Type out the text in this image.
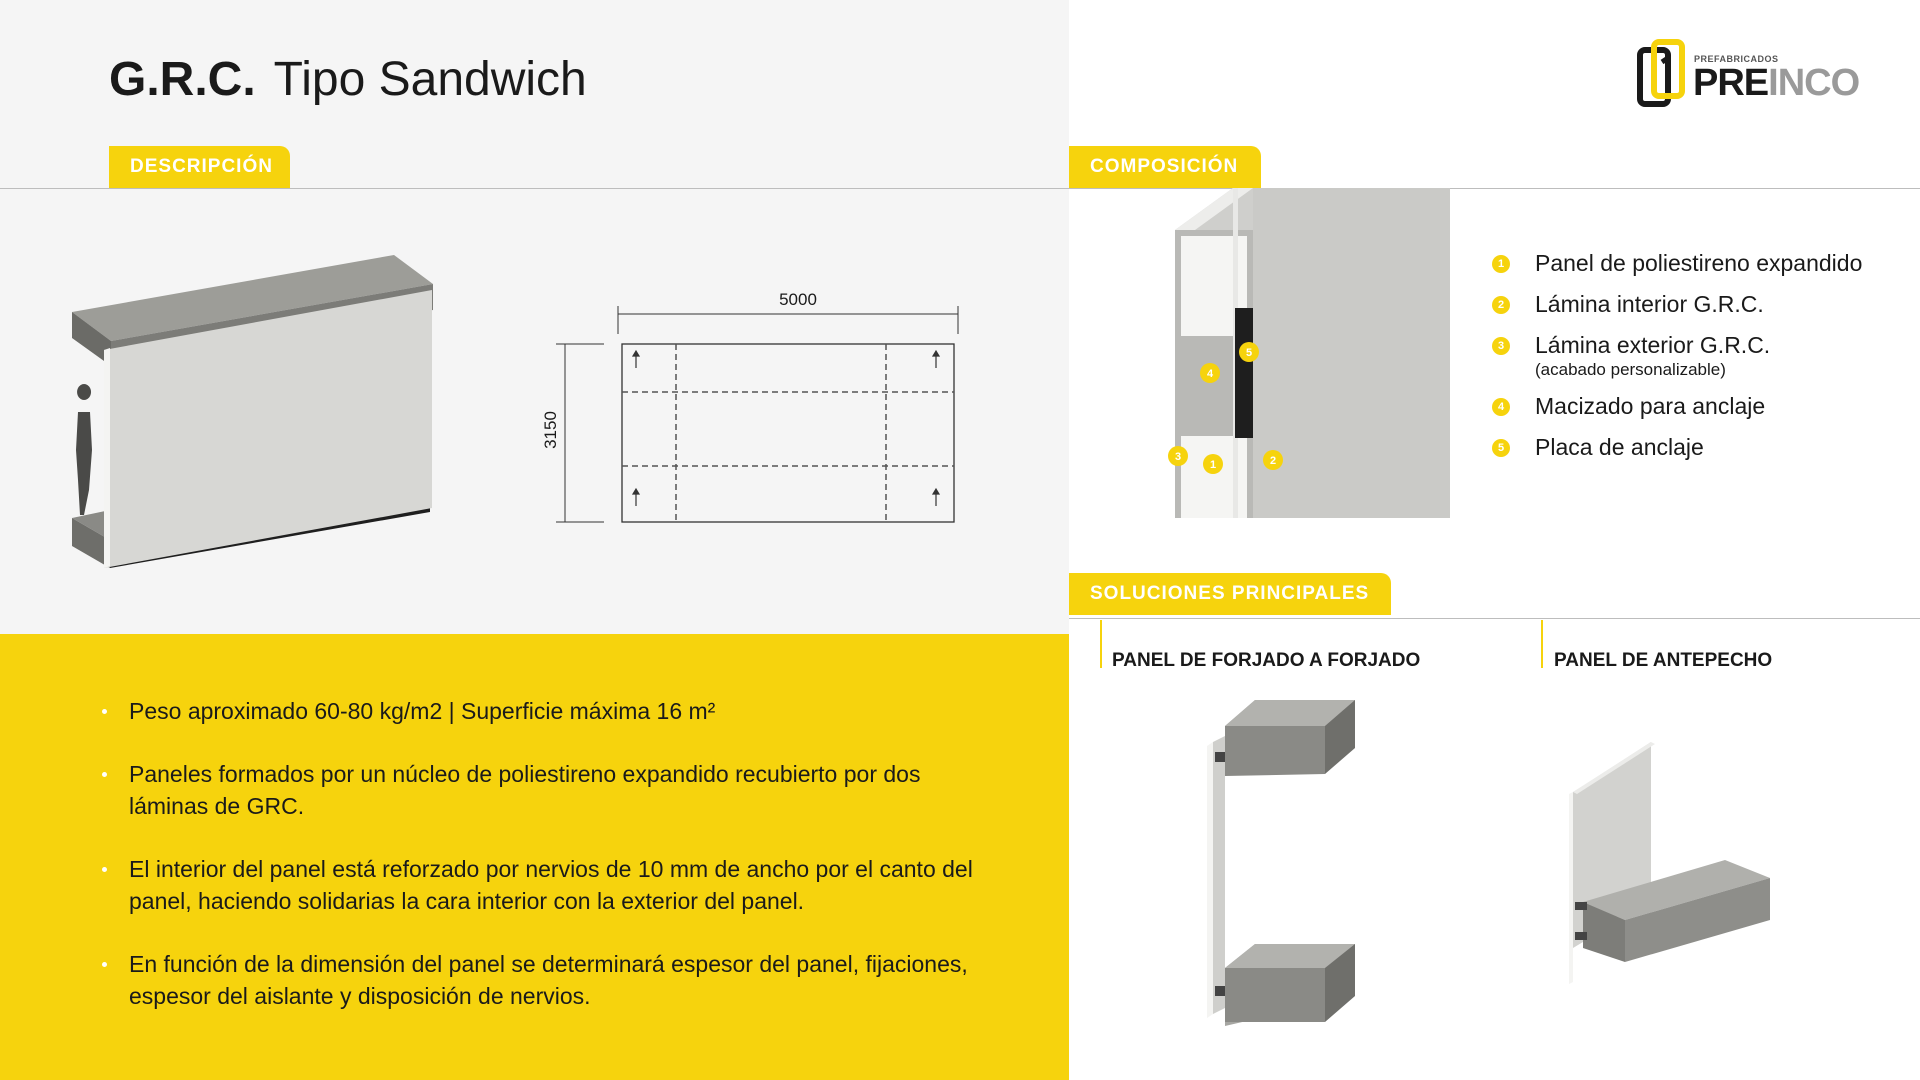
G.R.C. Tipo Sandwich	PREFABRICADOS
PREINCO
DESCRIPCIÓN	COMPOSICIÓN
SOLUCIONES PRINCIPALES
5000
3150
4
5
3
1	2
1 Panel de poliestireno expandido
2 Lámina interior G.R.C.
3 Lámina exterior G.R.C.
(acabado personalizable)
4 Macizado para anclaje
5 Placa de anclaje
Peso aproximado 60-80 kg/m2 | Superficie máxima 16 m²
Paneles formados por un núcleo de poliestireno expandido recubierto por dos láminas de GRC.
El interior del panel está reforzado por nervios de 10 mm de ancho por el canto del panel, haciendo solidarias la cara interior con la exterior del panel.
En función de la dimensión del panel se determinará espesor del panel, fijaciones, espesor del aislante y disposición de nervios.
PANEL DE FORJADO A FORJADO	PANEL DE ANTEPECHO
